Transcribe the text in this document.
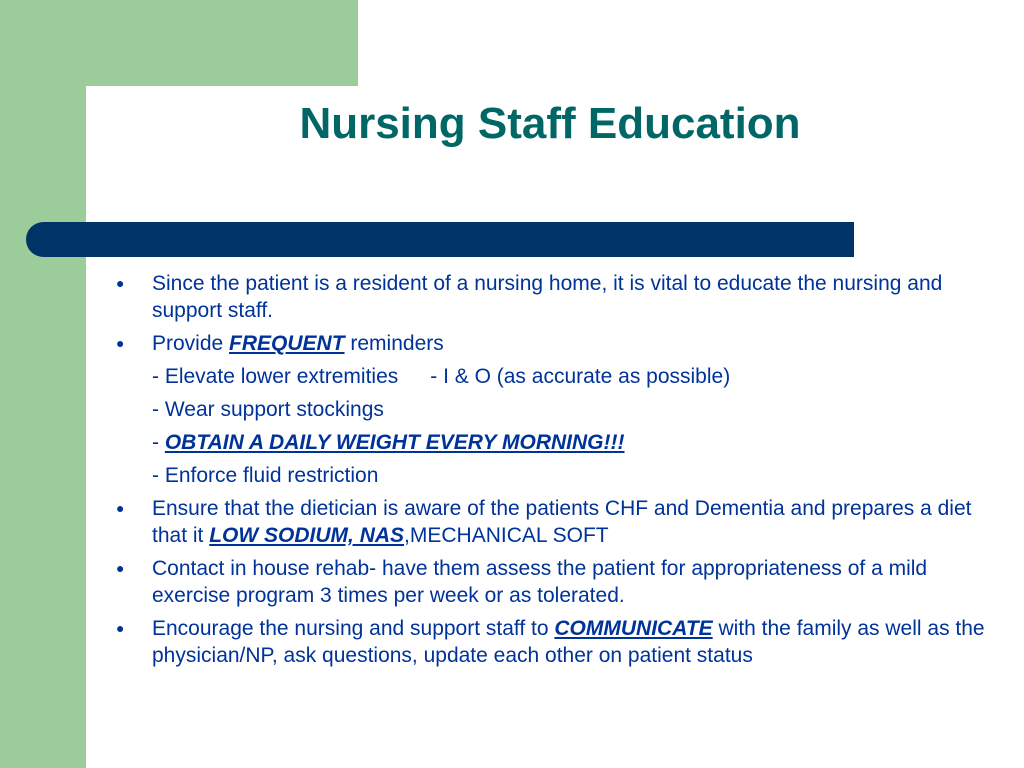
Nursing Staff Education
● Since the patient is a resident of a nursing home, it is vital to educate the nursing and support staff.
● Provide FREQUENT reminders
- Elevate lower extremities - I & O (as accurate as possible)
- Wear support stockings
- OBTAIN A DAILY WEIGHT EVERY MORNING!!!
- Enforce fluid restriction
● Ensure that the dietician is aware of the patients CHF and Dementia and prepares a diet that it LOW SODIUM, NAS,MECHANICAL SOFT
● Contact in house rehab- have them assess the patient for appropriateness of a mild exercise program 3 times per week or as tolerated.
● Encourage the nursing and support staff to COMMUNICATE with the family as well as the physician/NP, ask questions, update each other on patient status
